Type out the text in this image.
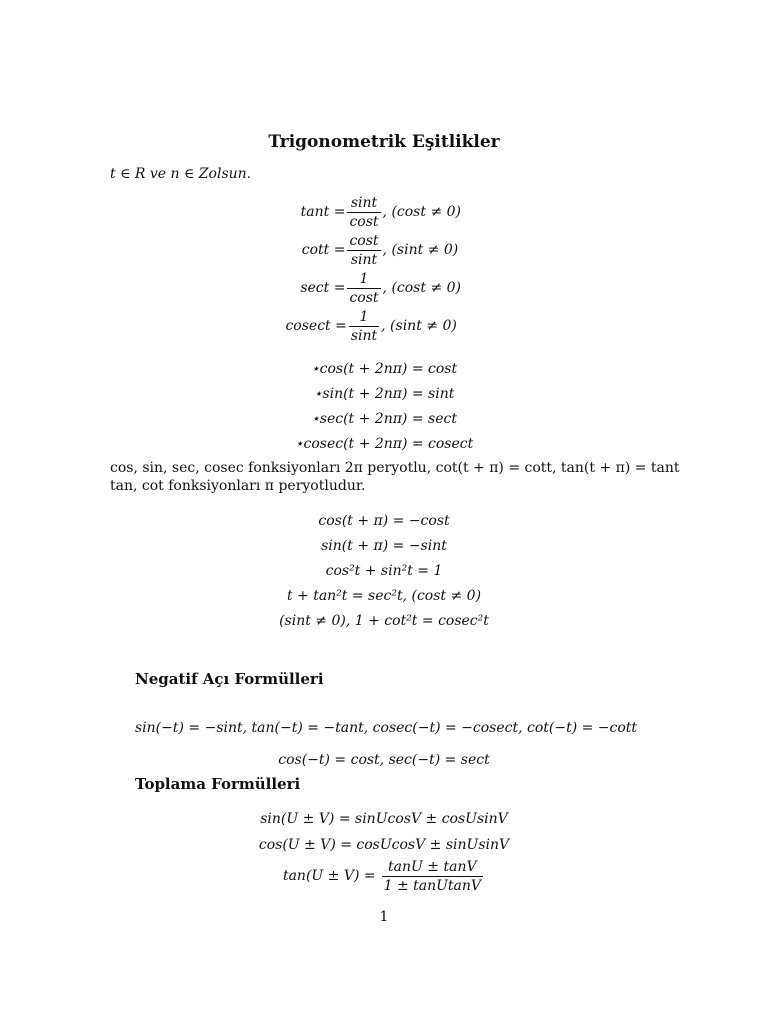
Trigonometrik Eşitlikler
t ∈ R ve n ∈ Zolsun.
$\tan t = \frac{\sin t}{\cos t}$ , (cost ≠ 0)
$\cot t = \frac{\cos t}{\sin t}$ , (sint ≠ 0)
$\sec t = \frac{1}{\cos t}$ , (cost ≠ 0)
$cosect = \frac{1}{\sin t}$ , (sint ≠ 0)
⋆cos(t + 2nπ) = cost
⋆sin(t + 2nπ) = sint
⋆sec(t + 2nπ) = sect
⋆cosec(t + 2nπ) = cosect
cos, sin, sec, cosec fonksiyonları 2π peryotlu, cot(t + π) = cott, tan(t + π) = tant
tan, cot fonksiyonları π peryotludur.
cos(t + π) = −cost
sin(t + π) = −sint
cos²t + sin²t = 1
t + tan²t = sec²t, (cost ≠ 0)
(sint ≠ 0), 1 + cot²t = cosec²t
Negatif Açı Formülleri
sin(−t) = −sint, tan(−t) = −tant, cosec(−t) = −cosect, cot(−t) = −cott
cos(−t) = cost, sec(−t) = sect
Toplama Formülleri
sin(U ± V) = sinUcosV ± cosUsinV
cos(U ± V) = cosUcosV ± sinUsinV
$\tan(U \pm V) = \frac{\tan U \pm \tan V}{\text{1 ± tanUtanV}}$
1
